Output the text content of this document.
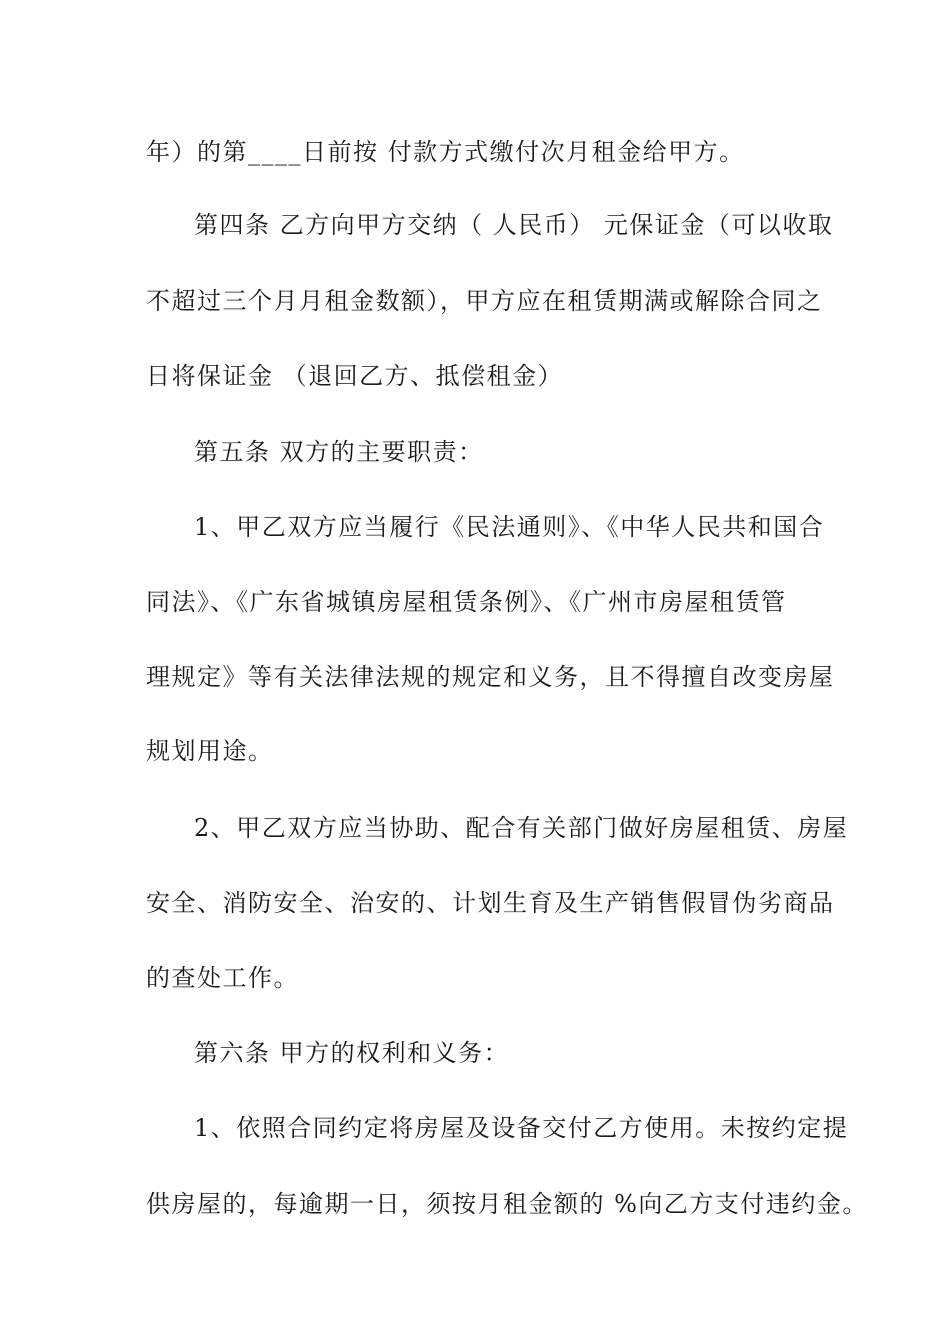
年）的第____日前按 付款方式缴付次月租金给甲方。
第四条 乙方向甲方交纳（ 人民币） 元保证金（可以收取
不超过三个月月租金数额），甲方应在租赁期满或解除合同之
日将保证金 （退回乙方、抵偿租金）
第五条 双方的主要职责：
1、甲乙双方应当履行《民法通则》、《中华人民共和国合
同法》、《广东省城镇房屋租赁条例》、《广州市房屋租赁管
理规定》等有关法律法规的规定和义务，且不得擅自改变房屋
规划用途。
2、甲乙双方应当协助、配合有关部门做好房屋租赁、房屋
安全、消防安全、治安的、计划生育及生产销售假冒伪劣商品
的查处工作。
第六条 甲方的权利和义务：
1、依照合同约定将房屋及设备交付乙方使用。未按约定提
供房屋的，每逾期一日，须按月租金额的 %向乙方支付违约金。
